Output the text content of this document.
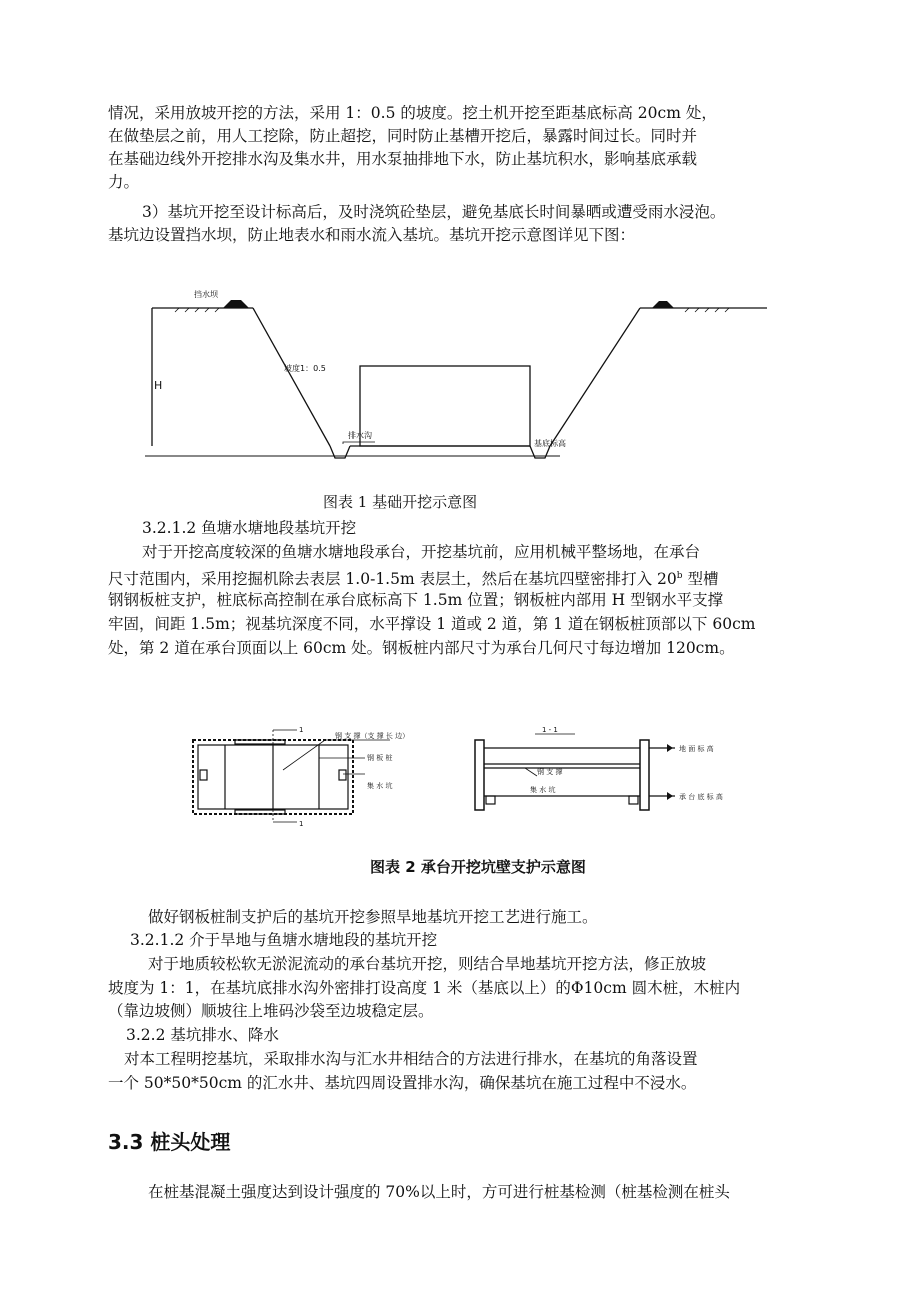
情况，采用放坡开挖的方法，采用 1：0.5 的坡度。挖土机开挖至距基底标高 20cm 处，
在做垫层之前，用人工挖除，防止超挖，同时防止基槽开挖后，暴露时间过长。同时并
在基础边线外开挖排水沟及集水井，用水泵抽排地下水，防止基坑积水，影响基底承载
力。
3）基坑开挖至设计标高后，及时浇筑砼垫层，避免基底长时间暴晒或遭受雨水浸泡。
基坑边设置挡水坝，防止地表水和雨水流入基坑。基坑开挖示意图详见下图：
挡水坝
坡度1：0.5
H
排水沟
基底标高
图表 1 基础开挖示意图
3.2.1.2 鱼塘水塘地段基坑开挖
对于开挖高度较深的鱼塘水塘地段承台，开挖基坑前，应用机械平整场地，在承台
尺寸范围内，采用挖掘机除去表层 1.0-1.5m 表层土，然后在基坑四壁密排打入 20$^b$ 型槽
钢钢板桩支护，桩底标高控制在承台底标高下 1.5m 位置；钢板桩内部用 H 型钢水平支撑
牢固，间距 1.5m；视基坑深度不同，水平撑设 1 道或 2 道，第 1 道在钢板桩顶部以下 60cm
处，第 2 道在承台顶面以上 60cm 处。钢板桩内部尺寸为承台几何尺寸每边增加 120cm。
钢 支 撑（支 撑 长 边）
钢 板 桩
集 水 坑
1
1
1 - 1
钢 支 撑
集 水 坑
地 面 标 高
承 台 底 标 高
图表 2 承台开挖坑壁支护示意图
做好钢板桩制支护后的基坑开挖参照旱地基坑开挖工艺进行施工。
3.2.1.2 介于旱地与鱼塘水塘地段的基坑开挖
对于地质较松软无淤泥流动的承台基坑开挖，则结合旱地基坑开挖方法，修正放坡
坡度为 1：1，在基坑底排水沟外密排打设高度 1 米（基底以上）的Φ10cm 圆木桩，木桩内
（靠边坡侧）顺坡往上堆码沙袋至边坡稳定层。
3.2.2 基坑排水、降水
对本工程明挖基坑，采取排水沟与汇水井相结合的方法进行排水，在基坑的角落设置
一个 50*50*50cm 的汇水井、基坑四周设置排水沟，确保基坑在施工过程中不浸水。
3.3 桩头处理
在桩基混凝土强度达到设计强度的 70%以上时，方可进行桩基检测（桩基检测在桩头
